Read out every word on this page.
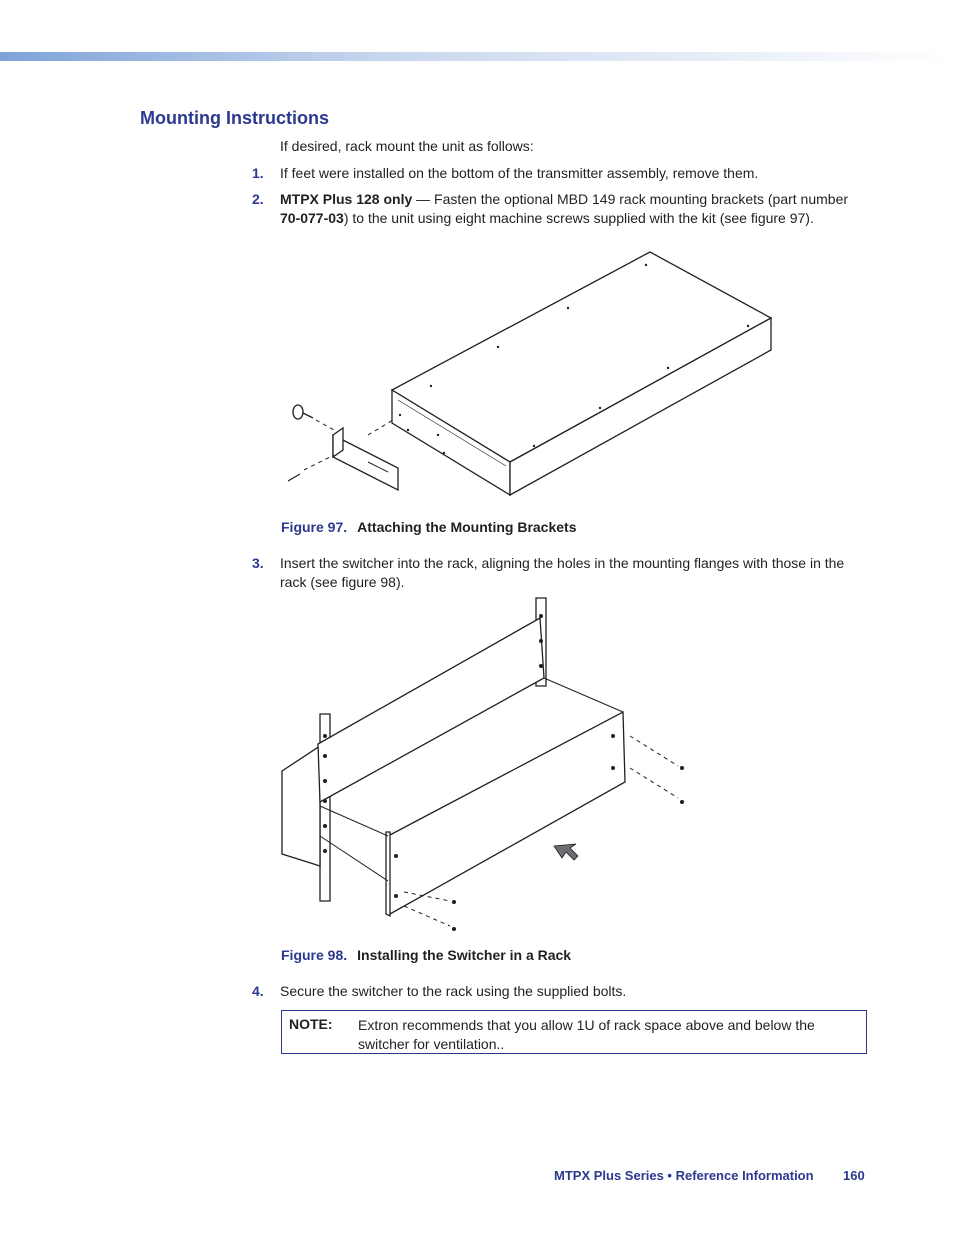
Mounting Instructions
If desired, rack mount the unit as follows:
1.	If feet were installed on the bottom of the transmitter assembly, remove them.
2.	MTPX Plus 128 only — Fasten the optional MBD 149 rack mounting brackets (part number 70-077-03) to the unit using eight machine screws supplied with the kit (see figure 97).
Figure 97. Attaching the Mounting Brackets
3.	Insert the switcher into the rack, aligning the holes in the mounting flanges with those in the rack (see figure 98).
Figure 98. Installing the Switcher in a Rack
4.	Secure the switcher to the rack using the supplied bolts.
NOTE: Extron recommends that you allow 1U of rack space above and below the switcher for ventilation..
MTPX Plus Series • Reference Information 160
